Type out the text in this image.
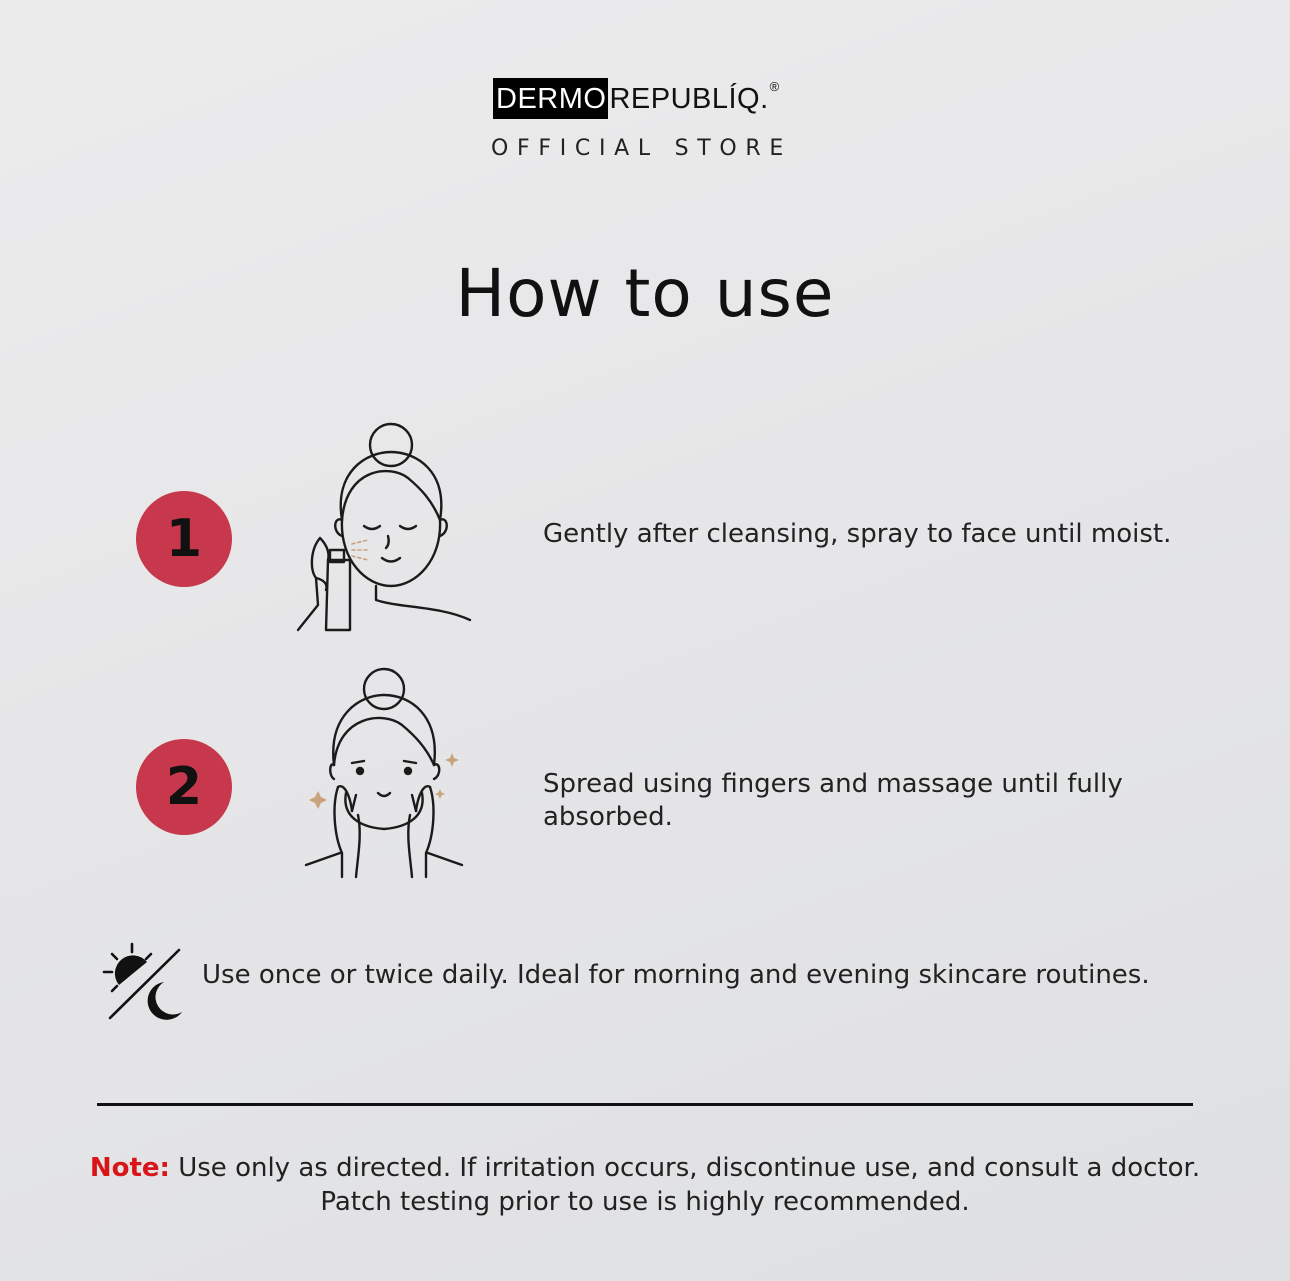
DERMO REPUBLÍQ. ®
OFFICIAL STORE
How to use
1	Gently after cleansing, spray to face until moist.
2	Spread using fingers and massage until fully absorbed.
Use once or twice daily. Ideal for morning and evening skincare routines.
Note: Use only as directed. If irritation occurs, discontinue use, and consult a doctor.
Patch testing prior to use is highly recommended.
